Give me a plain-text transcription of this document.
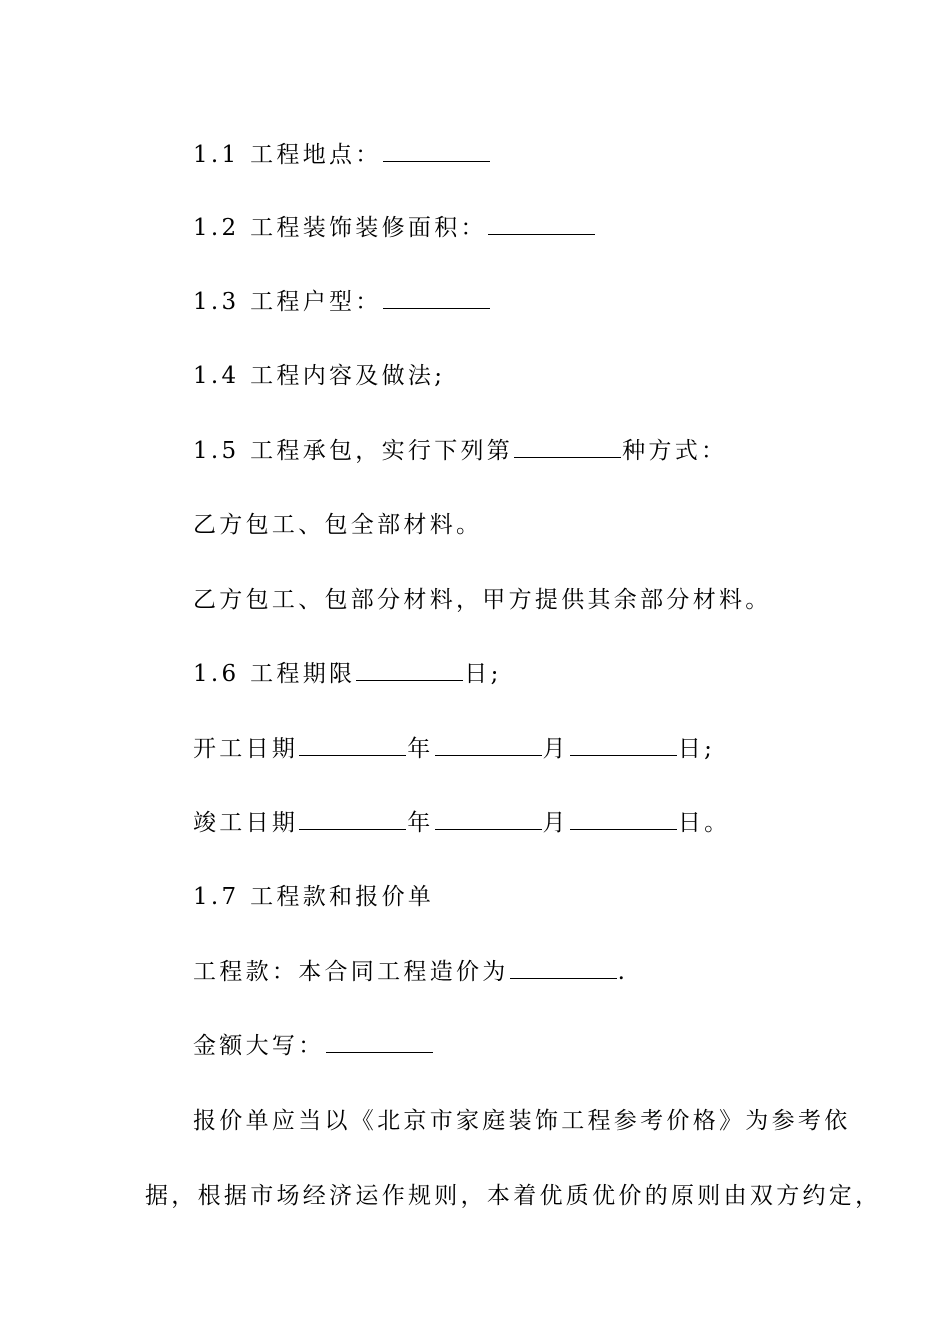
1.1 工程地点：
1.2 工程装饰装修面积：
1.3 工程户型：
1.4 工程内容及做法;
1.5 工程承包，实行下列第	种方式：
乙方包工、包全部材料。
乙方包工、包部分材料，甲方提供其余部分材料。
1.6 工程期限	日;
开工日期	年	月	日;
竣工日期	年	月	日。
1.7 工程款和报价单
工程款：本合同工程造价为	.
金额大写：
报价单应当以《北京市家庭装饰工程参考价格》为参考依
据，根据市场经济运作规则，本着优质优价的原则由双方约定，
